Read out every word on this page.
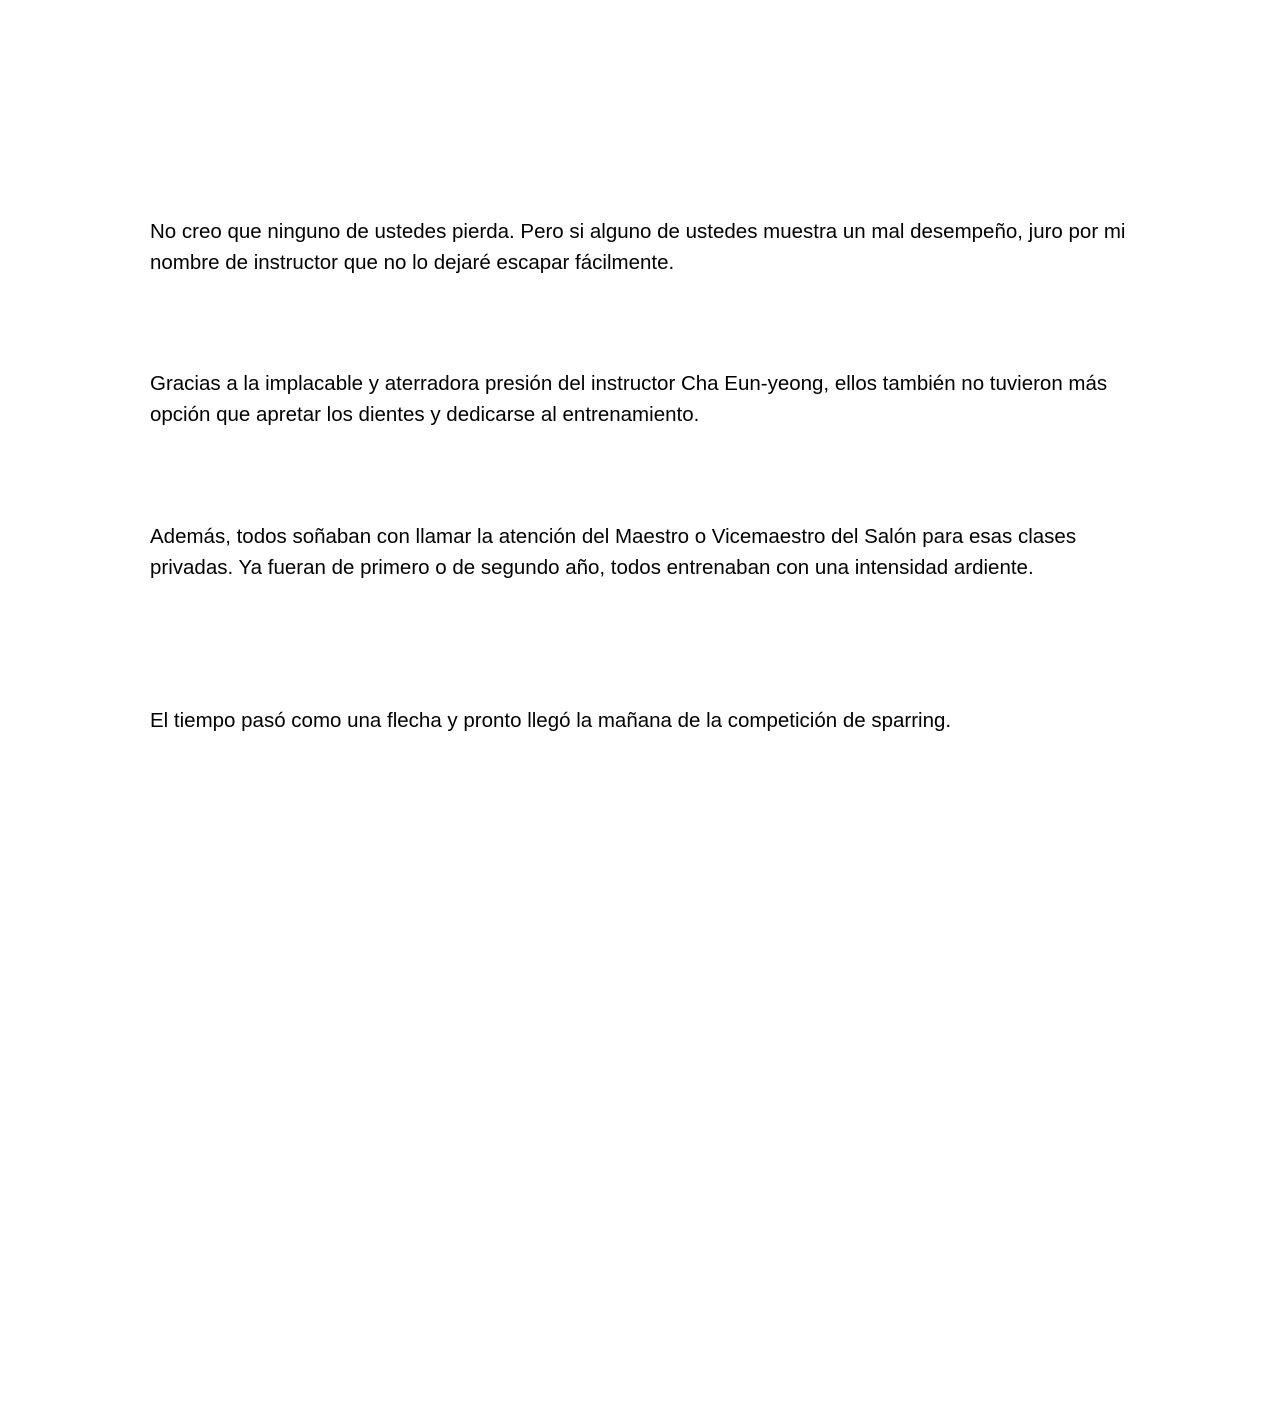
No creo que ninguno de ustedes pierda. Pero si alguno de ustedes muestra un mal desempeño, juro por mi nombre de instructor que no lo dejaré escapar fácilmente.

Gracias a la implacable y aterradora presión del instructor Cha Eun-yeong, ellos también no tuvieron más opción que apretar los dientes y dedicarse al entrenamiento.

Además, todos soñaban con llamar la atención del Maestro o Vicemaestro del Salón para esas clases privadas. Ya fueran de primero o de segundo año, todos entrenaban con una intensidad ardiente.

El tiempo pasó como una flecha y pronto llegó la mañana de la competición de sparring.
